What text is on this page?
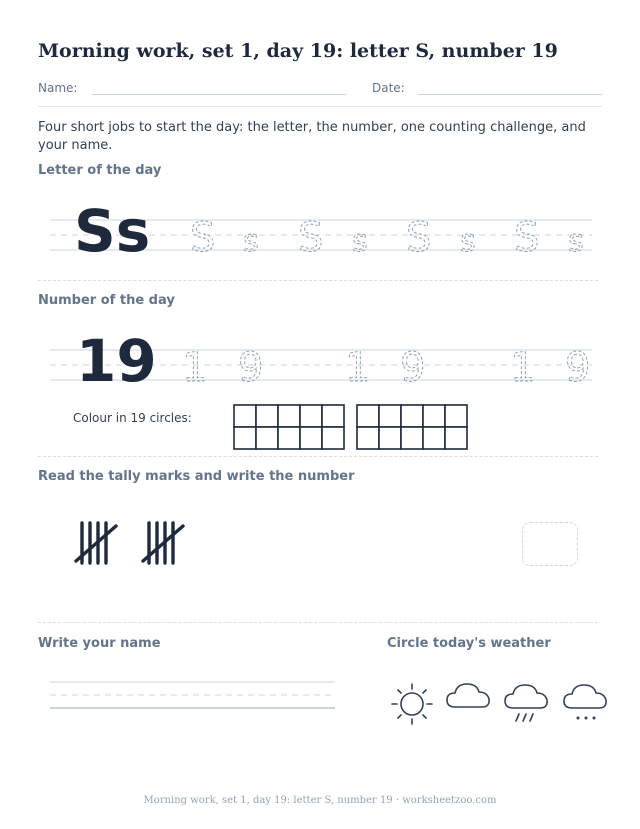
Morning work, set 1, day 19: letter S, number 19
Name:	Date:
Four short jobs to start the day: the letter, the number, one counting challenge, and your name.
Letter of the day
Ss S s S s S s S s
Number of the day
19 1 9 1 9 1 9
Colour in 19 circles:
Read the tally marks and write the number
Write your name	Circle today's weather
Morning work, set 1, day 19: letter S, number 19 · worksheetzoo.com
